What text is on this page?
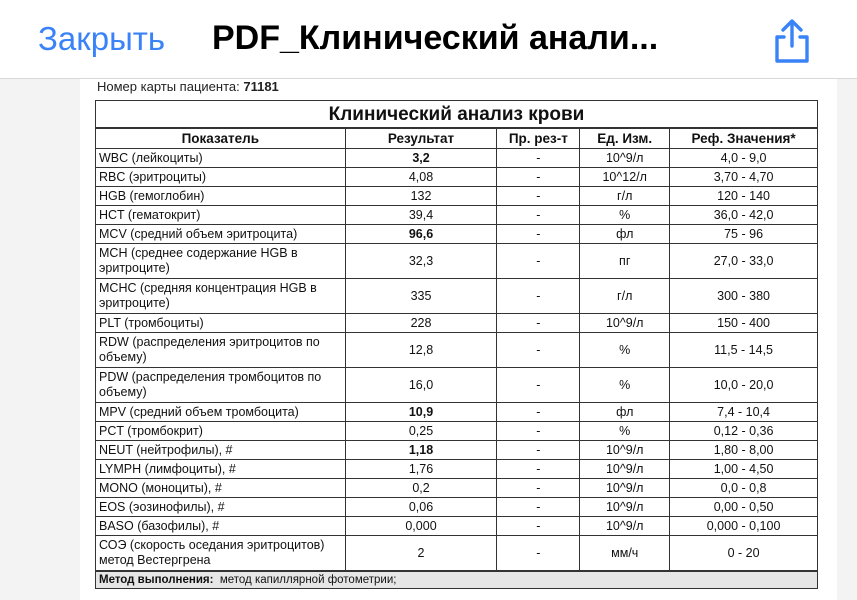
Закрыть PDF_Клинический анали...
Номер карты пациента: 71181
Клинический анализ крови				
Показатель	Результат	Пр. рез-т	Ед. Изм.	Реф. Значения*
WBC (лейкоциты)	3,2	-	10^9/л	4,0 - 9,0
RBC (эритроциты)	4,08	-	10^12/л	3,70 - 4,70
HGB (гемоглобин)	132	-	г/л	120 - 140
HCT (гематокрит)	39,4	-	%	36,0 - 42,0
MCV (средний объем эритроцита)	96,6	-	фл	75 - 96
MCH (среднее содержание HGB в эритроците)	32,3	-	пг	27,0 - 33,0
MCHC (средняя концентрация HGB в эритроците)	335	-	г/л	300 - 380
PLT (тромбоциты)	228	-	10^9/л	150 - 400
RDW (распределения эритроцитов по объему)	12,8	-	%	11,5 - 14,5
PDW (распределения тромбоцитов по объему)	16,0	-	%	10,0 - 20,0
MPV (средний объем тромбоцита)	10,9	-	фл	7,4 - 10,4
PCT (тромбокрит)	0,25	-	%	0,12 - 0,36
NEUT (нейтрофилы), #	1,18	-	10^9/л	1,80 - 8,00
LYMPH (лимфоциты), #	1,76	-	10^9/л	1,00 - 4,50
MONO (моноциты), #	0,2	-	10^9/л	0,0 - 0,8
EOS (эозинофилы), #	0,06	-	10^9/л	0,00 - 0,50
BASO (базофилы), #	0,000	-	10^9/л	0,000 - 0,100
СОЭ (скорость оседания эритроцитов) метод Вестергрена	2	-	мм/ч	0 - 20
Метод выполнения: метод капиллярной фотометрии;				
